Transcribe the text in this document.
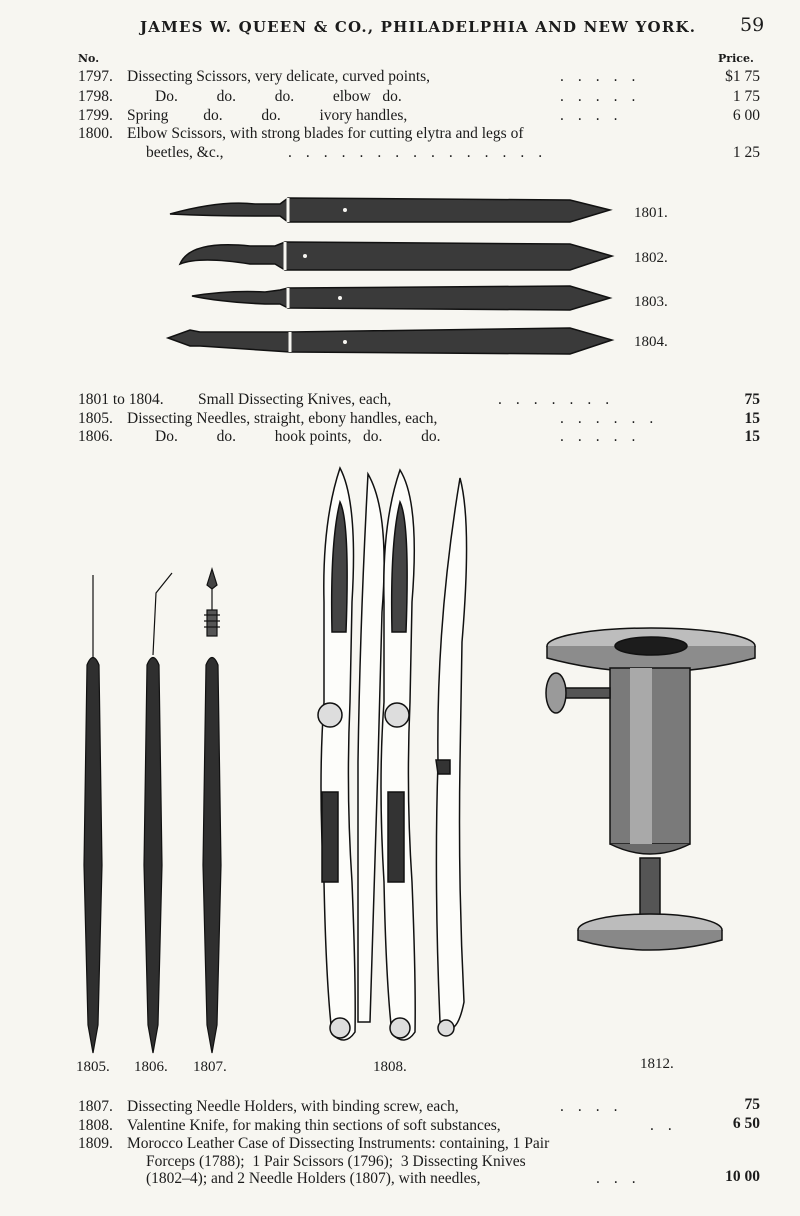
JAMES W. QUEEN & CO., PHILADELPHIA AND NEW YORK. 59
No.	Price.
1797. Dissecting Scissors, very delicate, curved points,	.....	$1 75
1798.	Do.          do.          do.          elbow   do.	.....	1 75
1799. Spring         do.          do.          ivory handles,	....	6 00
1800. Elbow Scissors, with strong blades for cutting elytra and legs of
beetles, &c.,	...............	1 25
1801.
1802.
1803.
1804.
1801 to 1804. Small Dissecting Knives, each,	.......	75
1805. Dissecting Needles, straight, ebony handles, each,	......	15
1806.	Do.          do.          hook points,   do.          do.	.....	15
1805. 1806. 1807.	1808.	1812.
1807. Dissecting Needle Holders, with binding screw, each,	....	75
1808. Valentine Knife, for making thin sections of soft substances,	..	6 50
1809. Morocco Leather Case of Dissecting Instruments: containing, 1 Pair
Forceps (1788);  1 Pair Scissors (1796);  3 Dissecting Knives
(1802–4); and 2 Needle Holders (1807), with needles,	...	10 00
